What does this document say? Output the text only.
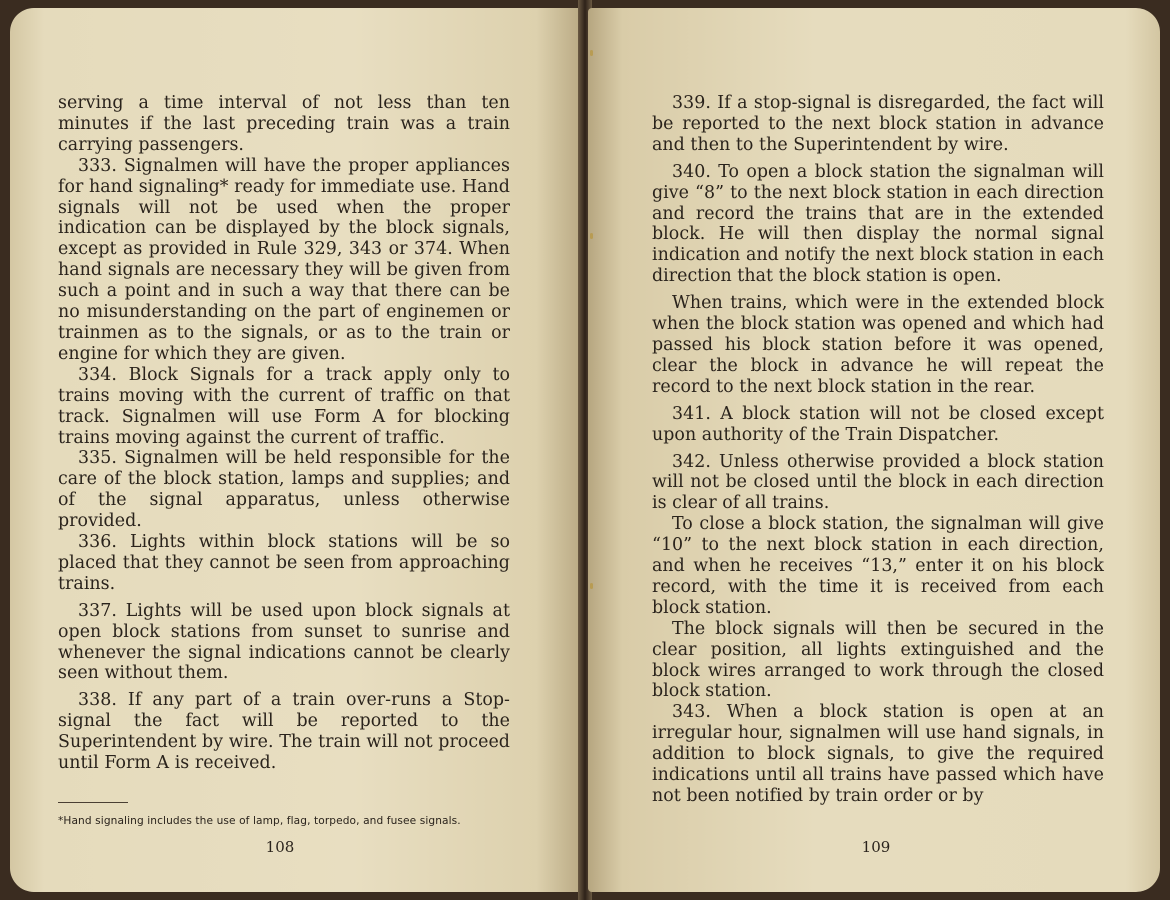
serving a time interval of not less than ten minutes if the last preceding train was a train carrying passengers.

333. Signalmen will have the proper appliances for hand signaling* ready for immediate use. Hand signals will not be used when the proper indication can be displayed by the block signals, except as provided in Rule 329, 343 or 374. When hand signals are necessary they will be given from such a point and in such a way that there can be no misunderstanding on the part of enginemen or trainmen as to the signals, or as to the train or engine for which they are given.

334. Block Signals for a track apply only to trains moving with the current of traffic on that track. Signalmen will use Form A for blocking trains moving against the current of traffic.

335. Signalmen will be held responsible for the care of the block station, lamps and supplies; and of the signal apparatus, unless otherwise provided.

336. Lights within block stations will be so placed that they cannot be seen from approaching trains.

337. Lights will be used upon block signals at open block stations from sunset to sunrise and whenever the signal indications cannot be clearly seen without them.

338. If any part of a train over-runs a Stop-signal the fact will be reported to the Superintendent by wire. The train will not proceed until Form A is received.

*Hand signaling includes the use of lamp, flag, torpedo, and fusee signals.
108

339. If a stop-signal is disregarded, the fact will be reported to the next block station in advance and then to the Superintendent by wire.

340. To open a block station the signalman will give “8” to the next block station in each direction and record the trains that are in the extended block. He will then display the normal signal indication and notify the next block station in each direction that the block station is open.

When trains, which were in the extended block when the block station was opened and which had passed his block station before it was opened, clear the block in advance he will repeat the record to the next block station in the rear.

341. A block station will not be closed except upon authority of the Train Dispatcher.

342. Unless otherwise provided a block station will not be closed until the block in each direction is clear of all trains.

To close a block station, the signalman will give “10” to the next block station in each direction, and when he receives “13,” enter it on his block record, with the time it is received from each block station.

The block signals will then be secured in the clear position, all lights extinguished and the block wires arranged to work through the closed block station.

343. When a block station is open at an irregular hour, signalmen will use hand signals, in addition to block signals, to give the required indications until all trains have passed which have not been notified by train order or by

109
